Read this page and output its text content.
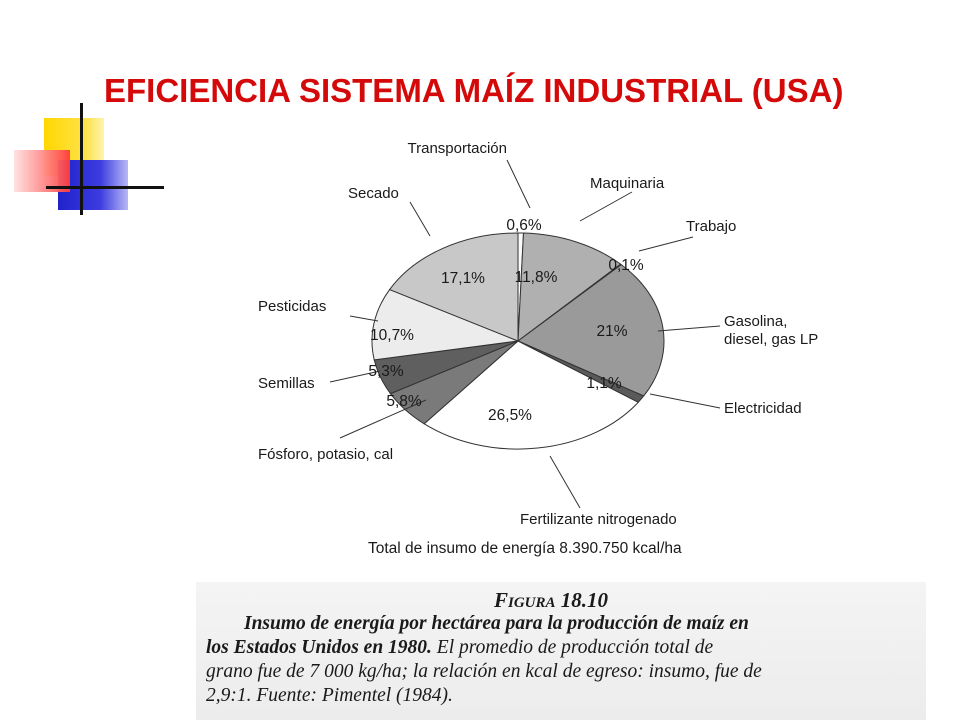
EFICIENCIA SISTEMA MAÍZ INDUSTRIAL (USA)
Transportación
0,6%
Maquinaria
11,8%
Trabajo
0,1%
Gasolina, diesel, gas LP
21%
Electricidad
1,1%
Fertilizante nitrogenado
26,5%
Fósforo, potasio, cal
5,8%
Semillas
5,3%
Pesticidas
10,7%
Secado
17,1%
Total de insumo de energía 8.390.750 kcal/ha
Figura 18.10
Insumo de energía por hectárea para la producción de maíz en
los Estados Unidos en 1980. El promedio de producción total de
grano fue de 7 000 kg/ha; la relación en kcal de egreso: insumo, fue de
2,9:1. Fuente: Pimentel (1984).
